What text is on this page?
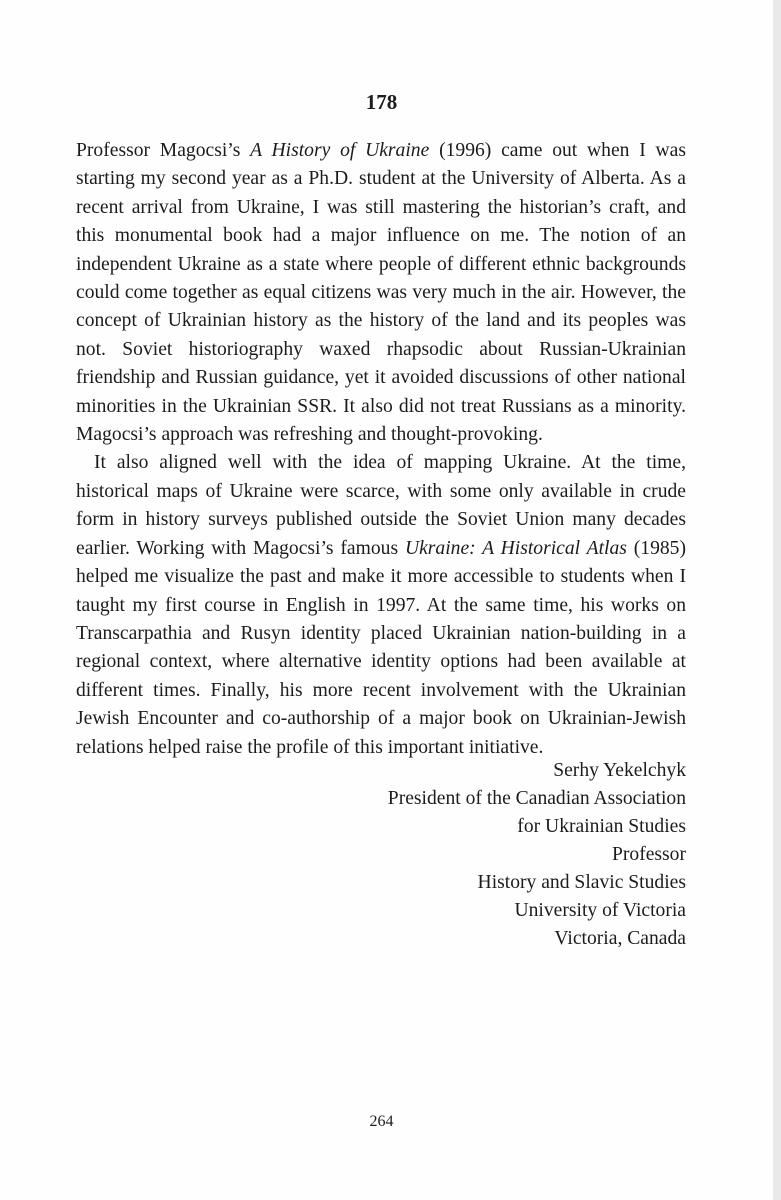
178

Professor Magocsi’s A History of Ukraine (1996) came out when I was starting my second year as a Ph.D. student at the University of Alberta. As a recent arrival from Ukraine, I was still mastering the historian’s craft, and this monumental book had a major influence on me. The notion of an independent Ukraine as a state where people of different ethnic backgrounds could come together as equal citizens was very much in the air. However, the concept of Ukrainian history as the history of the land and its peoples was not. Soviet historiography waxed rhapsodic about Russian-Ukrainian friendship and Russian guidance, yet it avoided discussions of other national minorities in the Ukrainian SSR. It also did not treat Russians as a minority. Magocsi’s approach was refreshing and thought-provoking.

It also aligned well with the idea of mapping Ukraine. At the time, historical maps of Ukraine were scarce, with some only available in crude form in history surveys published outside the Soviet Union many decades earlier. Working with Magocsi’s famous Ukraine: A Historical Atlas (1985) helped me visualize the past and make it more accessible to students when I taught my first course in English in 1997. At the same time, his works on Transcarpathia and Rusyn identity placed Ukrainian nation-building in a regional context, where alternative identity options had been available at different times. Finally, his more recent involvement with the Ukrainian Jewish Encounter and co-authorship of a major book on Ukrainian-Jewish relations helped raise the profile of this important initiative.

Serhy Yekelchyk
President of the Canadian Association
for Ukrainian Studies
Professor
History and Slavic Studies
University of Victoria
Victoria, Canada
264
